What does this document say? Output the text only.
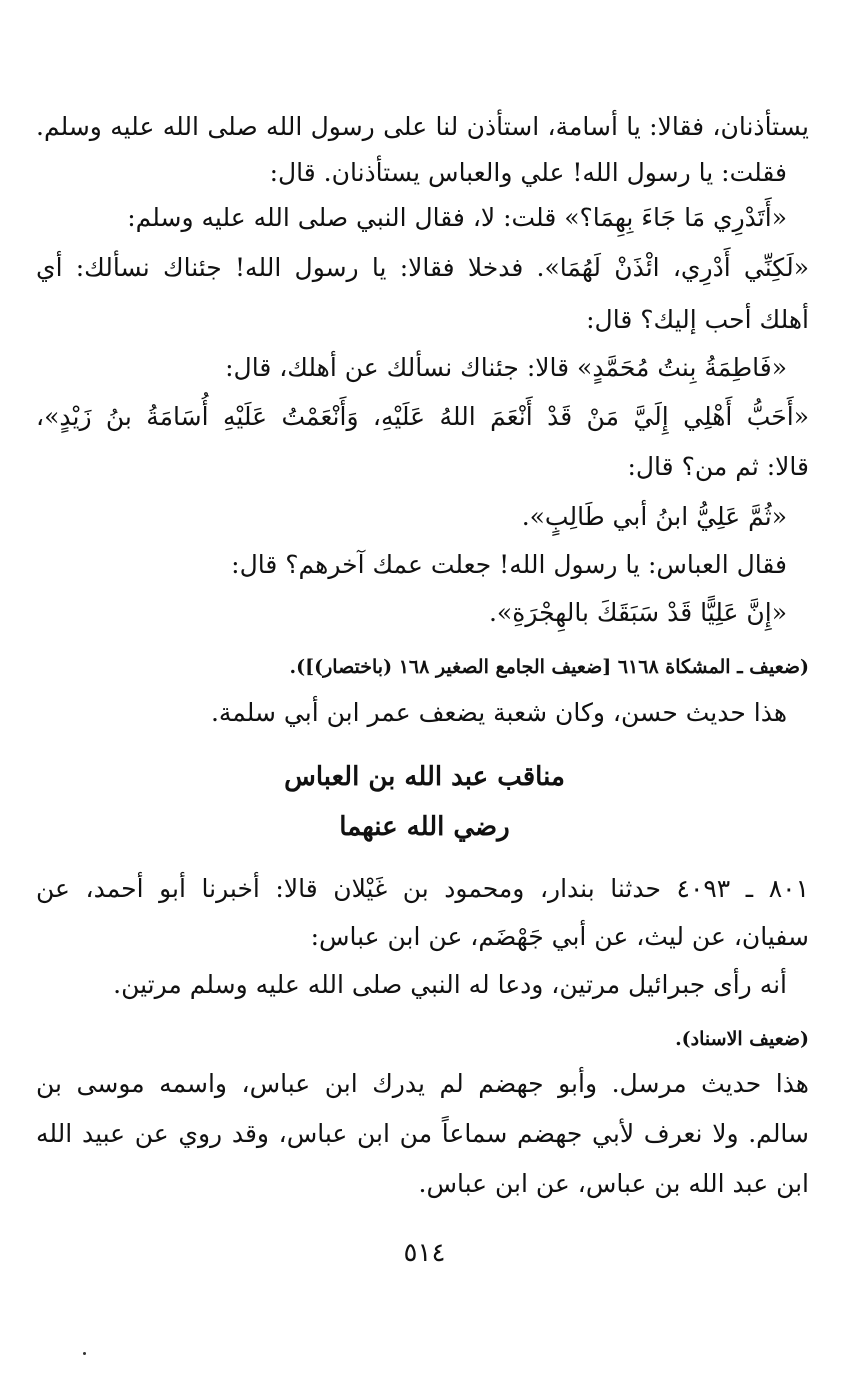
يستأذنان، فقالا: يا أسامة، استأذن لنا على رسول الله صلى الله عليه وسلم.
فقلت: يا رسول الله! علي والعباس يستأذنان. قال:
«أَتَدْرِي مَا جَاءَ بِهِمَا؟» قلت: لا، فقال النبي صلى الله عليه وسلم:
«لَكِنِّي أَدْرِي، ائْذَنْ لَهُمَا». فدخلا فقالا: يا رسول الله! جئناك نسألك: أي
أهلك أحب إليك؟ قال:
«فَاطِمَةُ بِنتُ مُحَمَّدٍ» قالا: جئناك نسألك عن أهلك، قال:
«أَحَبُّ أَهْلِي إِلَيَّ مَنْ قَدْ أَنْعَمَ اللهُ عَلَيْهِ، وَأَنْعَمْتُ عَلَيْهِ أُسَامَةُ بنُ زَيْدٍ»،
قالا: ثم من؟ قال:
«ثُمَّ عَلِيُّ ابنُ أبي طَالِبٍ».
فقال العباس: يا رسول الله! جعلت عمك آخرهم؟ قال:
«إِنَّ عَلِيًّا قَدْ سَبَقَكَ بالهِجْرَةِ».
(ضعيف ـ المشكاة ٦١٦٨ [ضعيف الجامع الصغير ١٦٨ (باختصار)]).
هذا حديث حسن، وكان شعبة يضعف عمر ابن أبي سلمة.
مناقب عبد الله بن العباس
رضي الله عنهما
٨٠١ ـ ٤٠٩٣ حدثنا بندار، ومحمود بن غَيْلان قالا: أخبرنا أبو أحمد، عن
سفيان، عن ليث، عن أبي جَهْضَم، عن ابن عباس:
أنه رأى جبرائيل مرتين، ودعا له النبي صلى الله عليه وسلم مرتين.
(ضعيف الاسناد).
هذا حديث مرسل. وأبو جهضم لم يدرك ابن عباس، واسمه موسى بن
سالم. ولا نعرف لأبي جهضم سماعاً من ابن عباس، وقد روي عن عبيد الله
ابن عبد الله بن عباس، عن ابن عباس.
٥١٤
